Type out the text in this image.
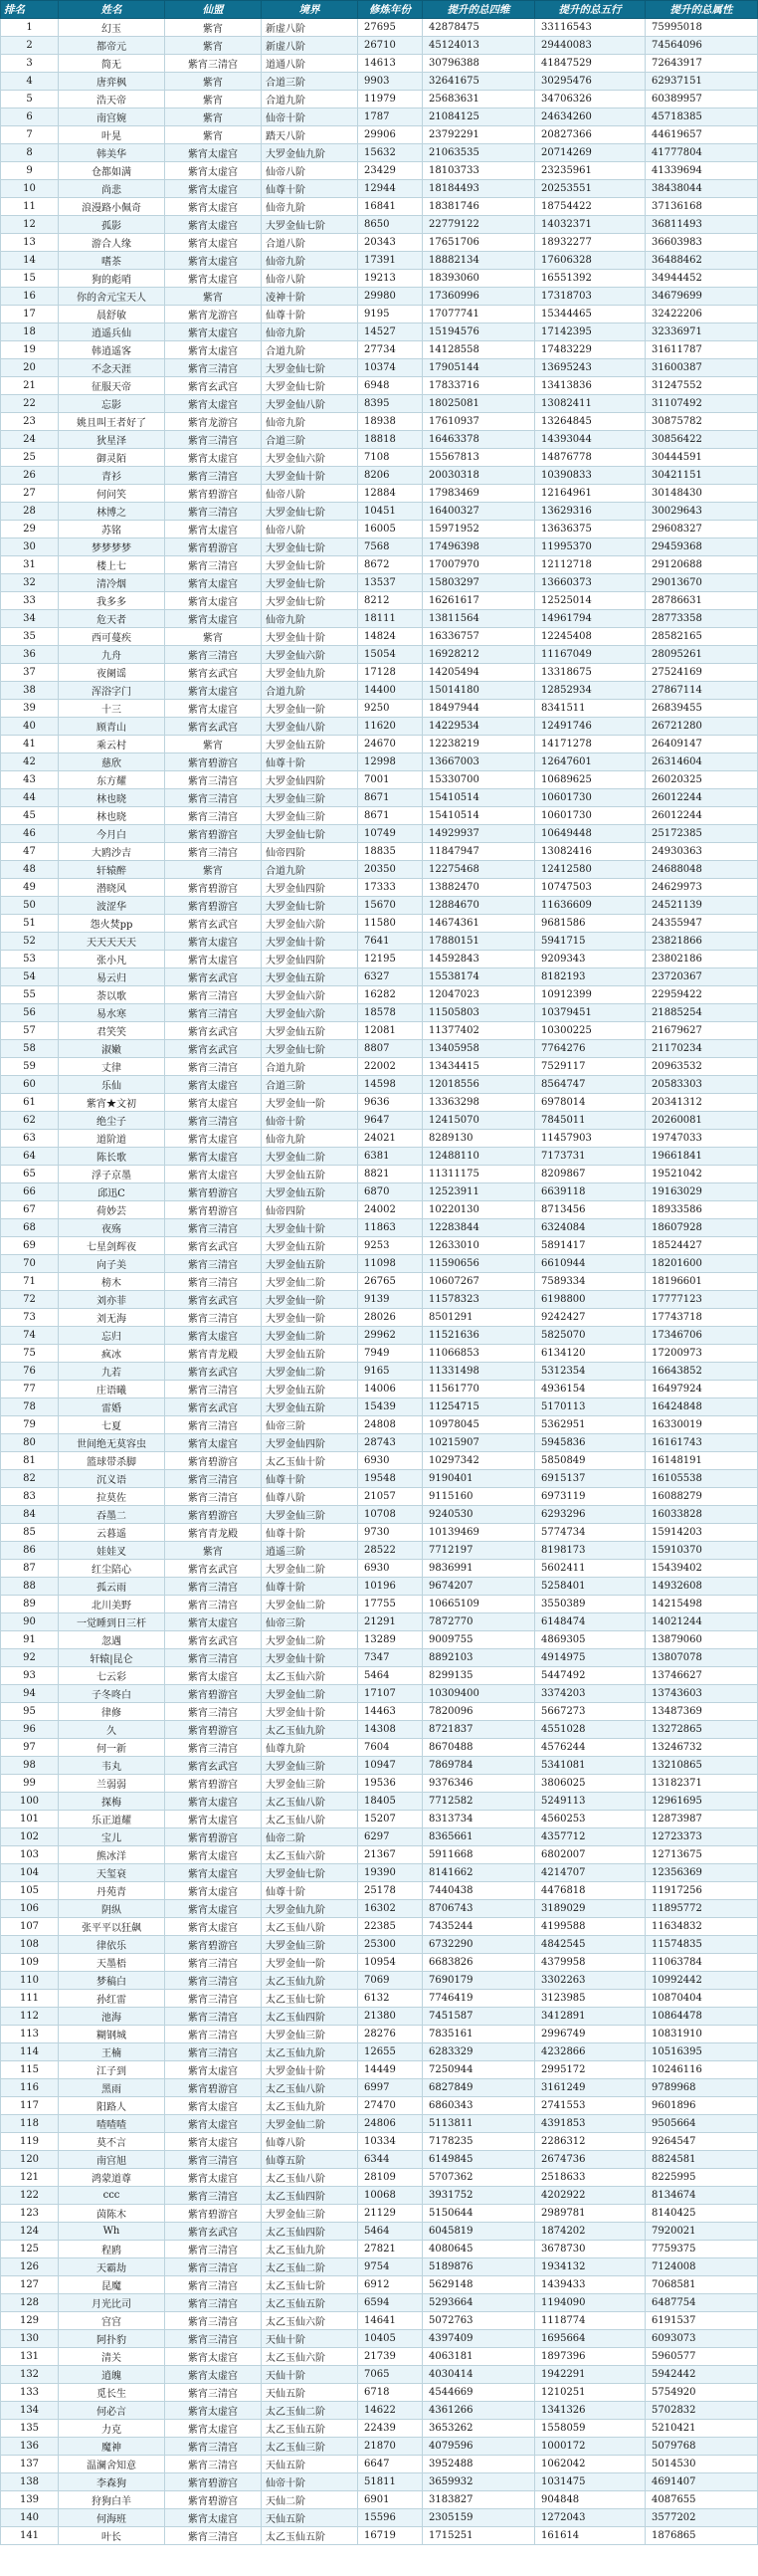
排名	姓名	仙盟	境界	修炼年份	提升的总四维	提升的总五行	提升的总属性
1	幻玉	紫宵	新虚八阶	27695	42878475	33116543	75995018
2	都帝元	紫宵	新虚八阶	26710	45124013	29440083	74564096
3	简无	紫宵三清宫	道通八阶	14613	30796388	41847529	72643917
4	唐弈枫	紫宵	合道三阶	9903	32641675	30295476	62937151
5	浩天帝	紫宵	合道九阶	11979	25683631	34706326	60389957
6	南宫婉	紫宵	仙帝十阶	1787	21084125	24634260	45718385
7	叶晃	紫宵	踏天八阶	29906	23792291	20827366	44619657
8	韩美华	紫宵太虚宫	大罗金仙九阶	15632	21063535	20714269	41777804
9	仓都如满	紫宵太虚宫	仙帝八阶	23429	18103733	23235961	41339694
10	尚悲	紫宵太虚宫	仙尊十阶	12944	18184493	20253551	38438044
11	浪漫路小佩奇	紫宵太虚宫	仙帝九阶	16841	18381746	18754422	37136168
12	孤影	紫宵太虚宫	大罗金仙七阶	8650	22779122	14032371	36811493
13	游合人缘	紫宵太虚宫	合道八阶	20343	17651706	18932277	36603983
14	嗜茶	紫宵太虚宫	仙帝九阶	17391	18882134	17606328	36488462
15	狗的彪哨	紫宵太虚宫	仙帝八阶	19213	18393060	16551392	34944452
16	你的舍元宝天人	紫宵	凌神十阶	29980	17360996	17318703	34679699
17	晨舒敏	紫宵龙游宫	仙尊十阶	9195	17077741	15344465	32422206
18	逍遥兵仙	紫宵太虚宫	仙帝九阶	14527	15194576	17142395	32336971
19	韩逍遥客	紫宵太虚宫	合道九阶	27734	14128558	17483229	31611787
20	不念天涯	紫宵三清宫	大罗金仙七阶	10374	17905144	13695243	31600387
21	征服天帝	紫宵玄武宫	大罗金仙七阶	6948	17833716	13413836	31247552
22	忘影	紫宵太虚宫	大罗金仙八阶	8395	18025081	13082411	31107492
23	姚且叫王者好了	紫宵龙游宫	仙帝九阶	18938	17610937	13264845	30875782
24	狄星泽	紫宵三清宫	合道三阶	18818	16463378	14393044	30856422
25	御灵陌	紫宵太虚宫	大罗金仙六阶	7108	15567813	14876778	30444591
26	青衫	紫宵三清宫	大罗金仙十阶	8206	20030318	10390833	30421151
27	何问笑	紫宵碧游宫	仙帝八阶	12884	17983469	12164961	30148430
28	林博之	紫宵三清宫	大罗金仙七阶	10451	16400327	13629316	30029643
29	苏铭	紫宵太虚宫	仙帝八阶	16005	15971952	13636375	29608327
30	梦梦梦梦	紫宵碧游宫	大罗金仙七阶	7568	17496398	11995370	29459368
31	楼上七	紫宵三清宫	大罗金仙七阶	8672	17007970	12112718	29120688
32	清冷烟	紫宵太虚宫	大罗金仙七阶	13537	15803297	13660373	29013670
33	我多多	紫宵太虚宫	大罗金仙七阶	8212	16261617	12525014	28786631
34	危天者	紫宵太虚宫	仙帝九阶	18111	13811564	14961794	28773358
35	西可蔓疾	紫宵	大罗金仙十阶	14824	16336757	12245408	28582165
36	九舟	紫宵三清宫	大罗金仙六阶	15054	16928212	11167049	28095261
37	夜阑谣	紫宵玄武宫	大罗金仙九阶	17128	14205494	13318675	27524169
38	浑浴字门	紫宵太虚宫	合道九阶	14400	15014180	12852934	27867114
39	十三	紫宵太虚宫	大罗金仙一阶	9250	18497944	8341511	26839455
40	顾青山	紫宵玄武宫	大罗金仙八阶	11620	14229534	12491746	26721280
41	乘云村	紫宵	大罗金仙五阶	24670	12238219	14171278	26409147
42	慈欣	紫宵碧游宫	仙尊十阶	12998	13667003	12647601	26314604
43	东方耀	紫宵三清宫	大罗金仙四阶	7001	15330700	10689625	26020325
44	林也晓	紫宵三清宫	大罗金仙三阶	8671	15410514	10601730	26012244
45	林也晓	紫宵三清宫	大罗金仙三阶	8671	15410514	10601730	26012244
46	今月白	紫宵碧游宫	大罗金仙七阶	10749	14929937	10649448	25172385
47	大鸥沙吉	紫宵三清宫	仙帝四阶	18835	11847947	13082416	24930363
48	轩辕醉	紫宵	合道九阶	20350	12275468	12412580	24688048
49	潜晓风	紫宵碧游宫	大罗金仙四阶	17333	13882470	10747503	24629973
50	波涩华	紫宵碧游宫	大罗金仙七阶	15670	12884670	11636609	24521139
51	怨火焚pp	紫宵玄武宫	大罗金仙六阶	11580	14674361	9681586	24355947
52	天天天天天	紫宵太虚宫	大罗金仙十阶	7641	17880151	5941715	23821866
53	张小凡	紫宵太虚宫	大罗金仙四阶	12195	14592843	9209343	23802186
54	易云归	紫宵玄武宫	大罗金仙五阶	6327	15538174	8182193	23720367
55	荼以歌	紫宵三清宫	大罗金仙六阶	16282	12047023	10912399	22959422
56	易水寒	紫宵三清宫	大罗金仙六阶	18578	11505803	10379451	21885254
57	君笑笑	紫宵玄武宫	大罗金仙五阶	12081	11377402	10300225	21679627
58	淑嫩	紫宵玄武宫	大罗金仙七阶	8807	13405958	7764276	21170234
59	丈律	紫宵三清宫	合道九阶	22002	13434415	7529117	20963532
60	乐仙	紫宵太虚宫	合道三阶	14598	12018556	8564747	20583303
61	紫宵★文初	紫宵太虚宫	大罗金仙一阶	9636	13363298	6978014	20341312
62	绝尘子	紫宵三清宫	仙帝十阶	9647	12415070	7845011	20260081
63	道阶道	紫宵太虚宫	仙帝九阶	24021	8289130	11457903	19747033
64	陈长歌	紫宵太虚宫	大罗金仙二阶	6381	12488110	7173731	19661841
65	浮子京墨	紫宵太虚宫	大罗金仙五阶	8821	11311175	8209867	19521042
66	邱迅C	紫宵碧游宫	大罗金仙五阶	6870	12523911	6639118	19163029
67	荷妙芸	紫宵碧游宫	仙帝四阶	24002	10220130	8713456	18933586
68	夜殇	紫宵三清宫	大罗金仙十阶	11863	12283844	6324084	18607928
69	七星剑辉夜	紫宵玄武宫	大罗金仙五阶	9253	12633010	5891417	18524427
70	向子美	紫宵三清宫	大罗金仙五阶	11098	11590656	6610944	18201600
71	榜木	紫宵三清宫	大罗金仙二阶	26765	10607267	7589334	18196601
72	刘亦菲	紫宵玄武宫	大罗金仙一阶	9139	11578323	6198800	17777123
73	刘无海	紫宵三清宫	大罗金仙一阶	28026	8501291	9242427	17743718
74	忘归	紫宵太虚宫	大罗金仙二阶	29962	11521636	5825070	17346706
75	疯冰	紫宵青龙殿	大罗金仙五阶	7949	11066853	6134120	17200973
76	九若	紫宵玄武宫	大罗金仙二阶	9165	11331498	5312354	16643852
77	庄语曦	紫宵三清宫	大罗金仙五阶	14006	11561770	4936154	16497924
78	雷婚	紫宵玄武宫	大罗金仙五阶	15439	11254715	5170113	16424848
79	七夏	紫宵三清宫	仙帝三阶	24808	10978045	5362951	16330019
80	世间绝无莫容虫	紫宵太虚宫	大罗金仙四阶	28743	10215907	5945836	16161743
81	篮球带杀脚	紫宵碧游宫	太乙玉仙十阶	6930	10297342	5850849	16148191
82	沉义语	紫宵三清宫	仙尊十阶	19548	9190401	6915137	16105538
83	拉莫佐	紫宵三清宫	仙尊八阶	21057	9115160	6973119	16088279
84	吞墨二	紫宵碧游宫	大罗金仙三阶	10708	9240530	6293296	16033828
85	云暮遥	紫宵青龙殿	仙尊十阶	9730	10139469	5774734	15914203
86	娃娃叉	紫宵	逍遥三阶	28522	7712197	8198173	15910370
87	红尘陪心	紫宵玄武宫	大罗金仙二阶	6930	9836991	5602411	15439402
88	孤云雨	紫宵三清宫	仙尊十阶	10196	9674207	5258401	14932608
89	北川美野	紫宵三清宫	大罗金仙二阶	17755	10665109	3550389	14215498
90	一觉睡到日三杆	紫宵太虚宫	仙帝三阶	21291	7872770	6148474	14021244
91	忽遇	紫宵玄武宫	大罗金仙二阶	13289	9009755	4869305	13879060
92	轩辕|昆仑	紫宵三清宫	大罗金仙十阶	7347	8892103	4914975	13807078
93	七云彩	紫宵太虚宫	太乙玉仙六阶	5464	8299135	5447492	13746627
94	子冬咚白	紫宵碧游宫	大罗金仙二阶	17107	10309400	3374203	13743603
95	律修	紫宵三清宫	大罗金仙十阶	14463	7820096	5667273	13487369
96	久	紫宵碧游宫	太乙玉仙九阶	14308	8721837	4551028	13272865
97	何一新	紫宵三清宫	仙尊九阶	7604	8670488	4576244	13246732
98	韦丸	紫宵玄武宫	大罗金仙三阶	10947	7869784	5341081	13210865
99	兰弱弱	紫宵碧游宫	大罗金仙三阶	19536	9376346	3806025	13182371
100	探梅	紫宵太虚宫	太乙玉仙八阶	18405	7712582	5249113	12961695
101	乐正道耀	紫宵太虚宫	太乙玉仙八阶	15207	8313734	4560253	12873987
102	宝儿	紫宵碧游宫	仙帝二阶	6297	8365661	4357712	12723373
103	熊冰洋	紫宵太虚宫	太乙玉仙六阶	21367	5911668	6802007	12713675
104	天玺衰	紫宵太虚宫	大罗金仙七阶	19390	8141662	4214707	12356369
105	丹苑青	紫宵太虚宫	仙尊十阶	25178	7440438	4476818	11917256
106	阴纵	紫宵太虚宫	大罗金仙九阶	16302	8706743	3189029	11895772
107	张平平以狂飙	紫宵太虚宫	太乙玉仙八阶	22385	7435244	4199588	11634832
108	律依乐	紫宵碧游宫	大罗金仙三阶	25300	6732290	4842545	11574835
109	天墨梧	紫宵三清宫	大罗金仙一阶	10954	6683826	4379958	11063784
110	梦稿白	紫宵三清宫	太乙玉仙九阶	7069	7690179	3302263	10992442
111	孙红雷	紫宵三清宫	太乙玉仙七阶	6132	7746419	3123985	10870404
112	池海	紫宵三清宫	太乙玉仙四阶	21380	7451587	3412891	10864478
113	糊钢城	紫宵三清宫	大罗金仙三阶	28276	7835161	2996749	10831910
114	王楠	紫宵三清宫	太乙玉仙九阶	12655	6283329	4232866	10516395
115	江子到	紫宵太虚宫	大罗金仙十阶	14449	7250944	2995172	10246116
116	黑雨	紫宵碧游宫	太乙玉仙八阶	6997	6827849	3161249	9789968
117	阳路人	紫宵太虚宫	太乙玉仙九阶	27470	6860343	2741553	9601896
118	喳喳喳	紫宵太虚宫	大罗金仙二阶	24806	5113811	4391853	9505664
119	莫不言	紫宵太虚宫	仙尊八阶	10334	7178235	2286312	9264547
120	南宫旭	紫宵三清宫	仙尊五阶	6344	6149845	2674736	8824581
121	鸿蒙道尊	紫宵太虚宫	太乙玉仙八阶	28109	5707362	2518633	8225995
122	ccc	紫宵三清宫	太乙玉仙四阶	10068	3931752	4202922	8134674
123	茵陈木	紫宵碧游宫	大罗金仙三阶	21129	5150644	2989781	8140425
124	Wh	紫宵玄武宫	太乙玉仙四阶	5464	6045819	1874202	7920021
125	程鸥	紫宵三清宫	太乙玉仙九阶	27821	4080645	3678730	7759375
126	天霸劫	紫宵三清宫	太乙玉仙二阶	9754	5189876	1934132	7124008
127	昆魔	紫宵三清宫	太乙玉仙七阶	6912	5629148	1439433	7068581
128	月光比司	紫宵三清宫	太乙玉仙五阶	6594	5293664	1194090	6487754
129	宫宫	紫宵三清宫	太乙玉仙六阶	14641	5072763	1118774	6191537
130	阿扑豹	紫宵三清宫	天仙十阶	10405	4397409	1695664	6093073
131	清关	紫宵太虚宫	太乙玉仙六阶	21739	4063181	1897396	5960577
132	逍魄	紫宵太虚宫	天仙十阶	7065	4030414	1942291	5942442
133	觅长生	紫宵三清宫	天仙五阶	6718	4544669	1210251	5754920
134	何必言	紫宵太虚宫	太乙玉仙二阶	14622	4361266	1341326	5702832
135	力克	紫宵太虚宫	太乙玉仙五阶	22439	3653262	1558059	5210421
136	魔神	紫宵三清宫	太乙玉仙三阶	21870	4079596	1000172	5079768
137	温澜舍知意	紫宵三清宫	天仙五阶	6647	3952488	1062042	5014530
138	李森狗	紫宵碧游宫	仙帝十阶	51811	3659932	1031475	4691407
139	狩狗白羊	紫宵碧游宫	天仙二阶	6901	3183827	904848	4087655
140	何海班	紫宵太虚宫	天仙五阶	15596	2305159	1272043	3577202
141	叶长	紫宵三清宫	太乙玉仙五阶	16719	1715251	161614	1876865
